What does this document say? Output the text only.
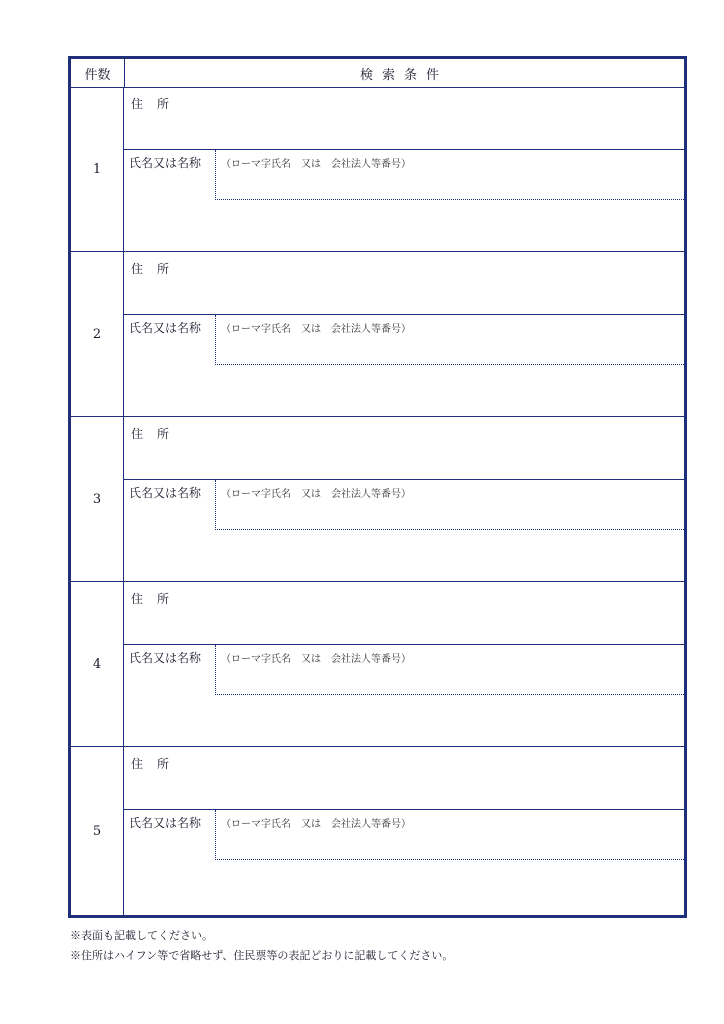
件数	検索条件
1
住所
氏名又は名称 （ローマ字氏名　又は　会社法人等番号）
2
住所
氏名又は名称 （ローマ字氏名　又は　会社法人等番号）
3
住所
氏名又は名称 （ローマ字氏名　又は　会社法人等番号）
4
住所
氏名又は名称 （ローマ字氏名　又は　会社法人等番号）
5
住所
氏名又は名称 （ローマ字氏名　又は　会社法人等番号）
※表面も記載してください。
※住所はハイフン等で省略せず、住民票等の表記どおりに記載してください。
